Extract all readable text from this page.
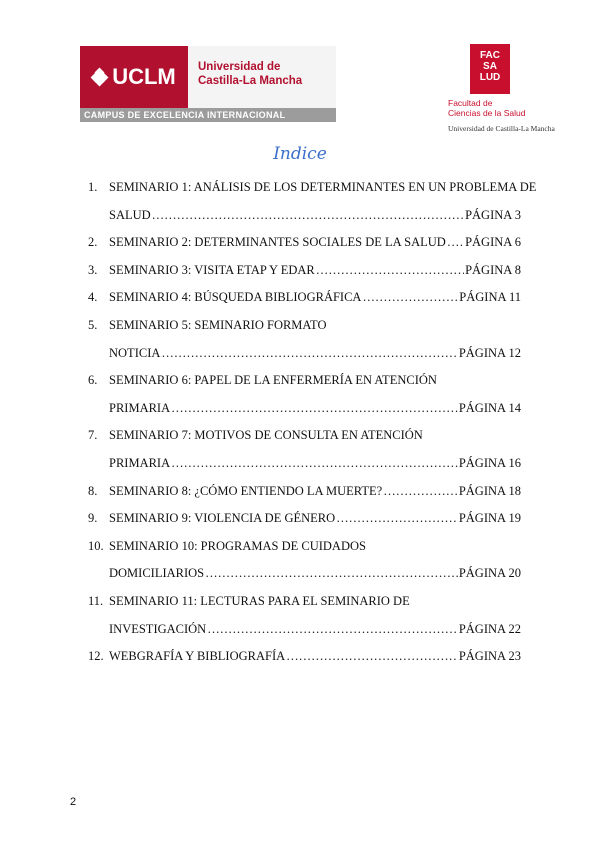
UCLM Universidad de
Castilla-La Mancha
CAMPUS DE EXCELENCIA INTERNACIONAL
FAC
SA
LUD
Facultad de
Ciencias de la Salud
Universidad de Castilla-La Mancha
Indice
1. SEMINARIO 1: ANÁLISIS DE LOS DETERMINANTES EN UN PROBLEMA DE
SALUD ………………………………………………………………………………………………………………………………	PÁGINA 3
2. SEMINARIO 2: DETERMINANTES SOCIALES DE LA SALUD ……………………………………………………………………………………………………………………………… PÁGINA 6
3. SEMINARIO 3: VISITA ETAP Y EDAR ………………………………………………………………………………………………………………………………	PÁGINA 8
4. SEMINARIO 4: BÚSQUEDA BIBLIOGRÁFICA ………………………………………………………………………………………………………………………………	PÁGINA 11
5. SEMINARIO 5: SEMINARIO FORMATO
NOTICIA ………………………………………………………………………………………………………………………………	PÁGINA 12
6. SEMINARIO 6: PAPEL DE LA ENFERMERÍA EN ATENCIÓN
PRIMARIA ………………………………………………………………………………………………………………………………	PÁGINA 14
7. SEMINARIO 7: MOTIVOS DE CONSULTA EN ATENCIÓN
PRIMARIA ………………………………………………………………………………………………………………………………	PÁGINA 16
8. SEMINARIO 8: ¿CÓMO ENTIENDO LA MUERTE? ………………………………………………………………………………………………………………………………	PÁGINA 18
9. SEMINARIO 9: VIOLENCIA DE GÉNERO ………………………………………………………………………………………………………………………………	PÁGINA 19
10. SEMINARIO 10: PROGRAMAS DE CUIDADOS
DOMICILIARIOS ………………………………………………………………………………………………………………………………	PÁGINA 20
11. SEMINARIO 11: LECTURAS PARA EL SEMINARIO DE
INVESTIGACIÓN ………………………………………………………………………………………………………………………………	PÁGINA 22
12. WEBGRAFÍA Y BIBLIOGRAFÍA ………………………………………………………………………………………………………………………………	PÁGINA 23
2
